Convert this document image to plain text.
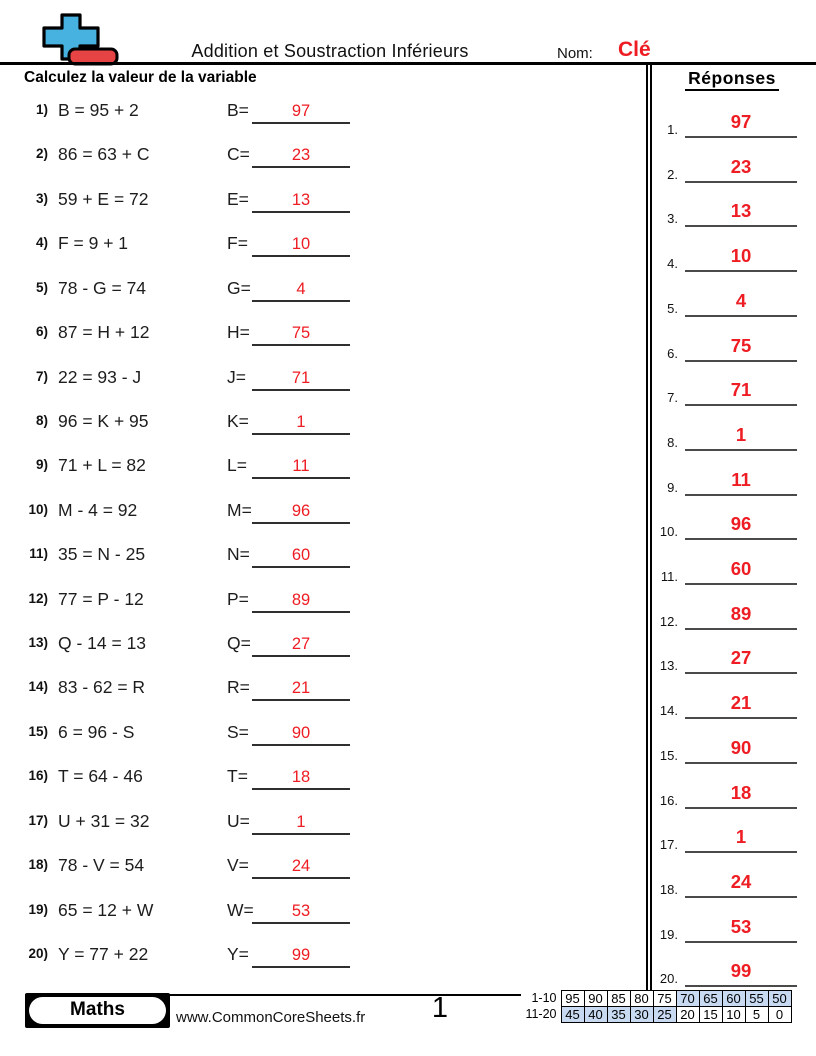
Addition et Soustraction Inférieurs	Nom: Clé
Calculez la valeur de la variable
1) B = 95 + 2	B=	97
2) 86 = 63 + C	C=	23
3) 59 + E = 72	E=	13
4) F = 9 + 1	F=	10
5) 78 - G = 74	G=	4
6) 87 = H + 12	H=	75
7) 22 = 93 - J	J=	71
8) 96 = K + 95	K=	1
9) 71 + L = 82	L=	11
10) M - 4 = 92	M=	96
11) 35 = N - 25	N=	60
12) 77 = P - 12	P=	89
13) Q - 14 = 13	Q=	27
14) 83 - 62 = R	R=	21
15) 6 = 96 - S	S=	90
16) T = 64 - 46	T=	18
17) U + 31 = 32	U=	1
18) 78 - V = 54	V=	24
19) 65 = 12 + W	W=	53
20) Y = 77 + 22	Y=	99
Réponses
1.	97
2.	23
3.	13
4.	10
5.	4
6.	75
7.	71
8.	1
9.	11
10.	96
11.	60
12.	89
13.	27
14.	21
15.	90
16.	18
17.	1
18.	24
19.	53
20.	99
Maths	www.CommonCoreSheets.fr	1	1-10	95	90	85	80	75	70	65	60	55	50
11-20	45	40	35	30	25	20	15	10	5	0
